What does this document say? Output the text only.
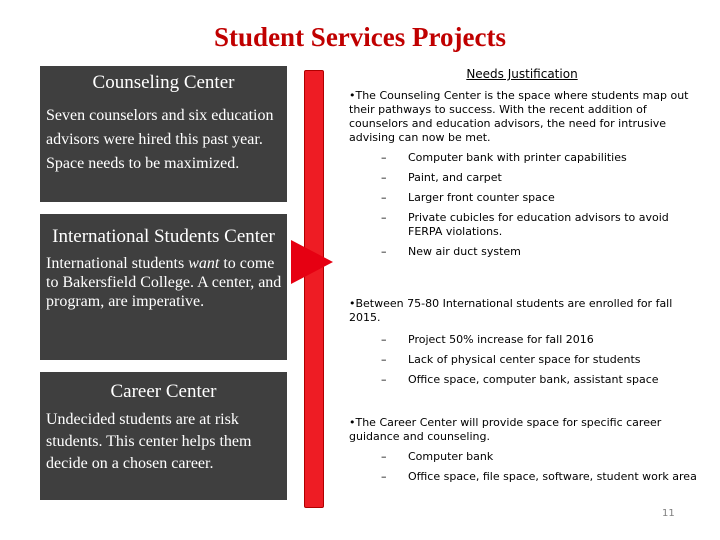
Student Services Projects
Counseling Center
• Seven counselors and six education advisors were hired this past year. Space needs to be maximized.
International Students Center
• International students want to come to Bakersfield College. A center, and program, are imperative.
Career Center
• Undecided students are at risk students. This center helps them decide on a chosen career.
Needs Justification

•The Counseling Center is the space where students map out their pathways to success. With the recent addition of counselors and education advisors, the need for intrusive advising can now be met.

– Computer bank with printer capabilities
– Paint, and carpet
– Larger front counter space
– Private cubicles for education advisors to avoid FERPA violations.
– New air duct system

•Between 75-80 International students are enrolled for fall 2015.

– Project 50% increase for fall 2016
– Lack of physical center space for students
– Office space, computer bank, assistant space

•The Career Center will provide space for specific career guidance and counseling.

– Computer bank
– Office space, file space, software, student work area
11
